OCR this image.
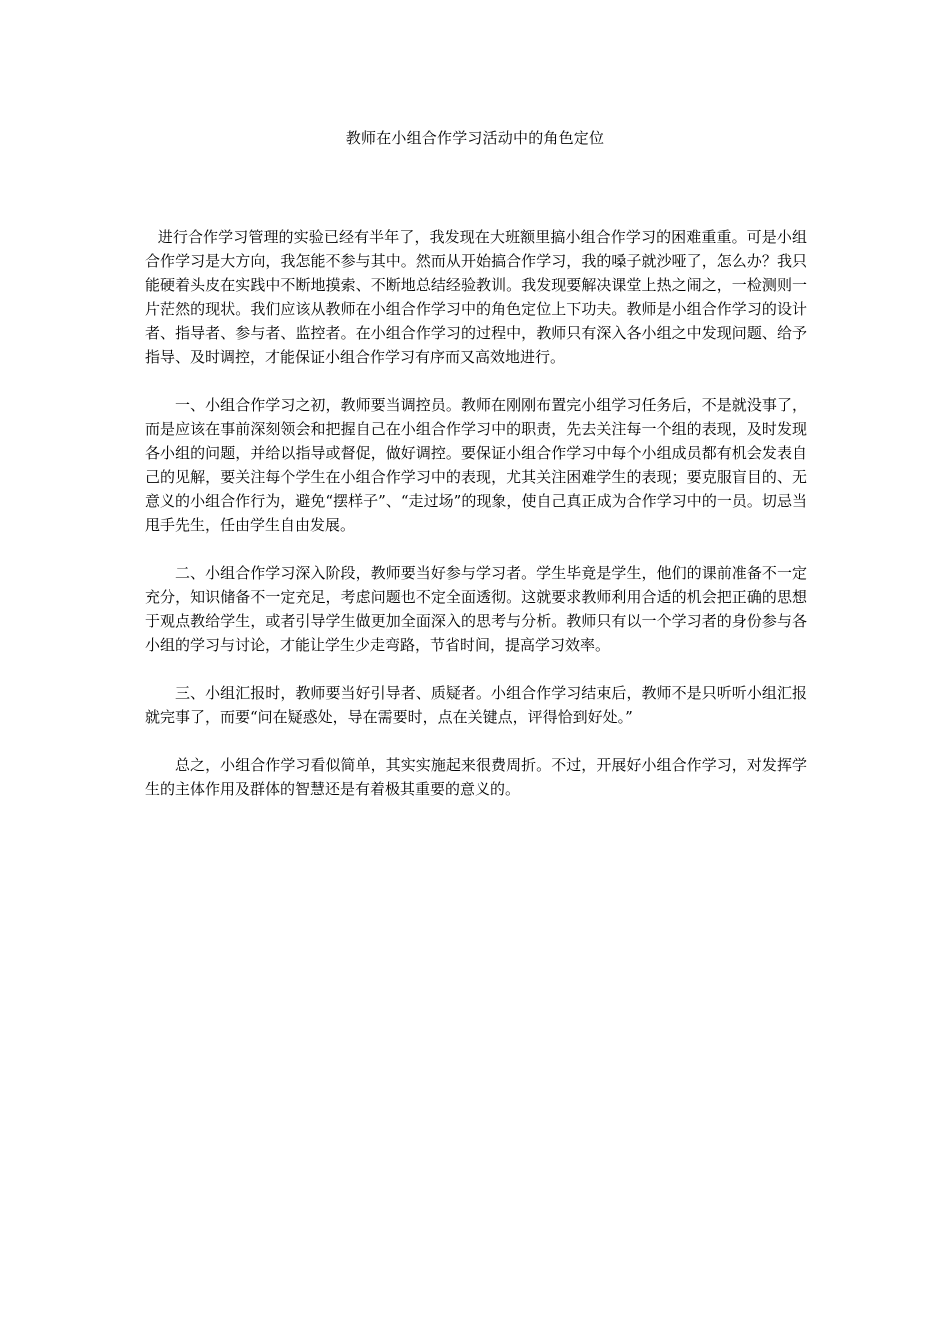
教师在小组合作学习活动中的角色定位

进行合作学习管理的实验已经有半年了，我发现在大班额里搞小组合作学习的困难重重。可是小组合作学习是大方向，我怎能不参与其中。然而从开始搞合作学习，我的嗓子就沙哑了，怎么办？我只能硬着头皮在实践中不断地摸索、不断地总结经验教训。我发现要解决课堂上热之闹之，一检测则一片茫然的现状。我们应该从教师在小组合作学习中的角色定位上下功夫。教师是小组合作学习的设计者、指导者、参与者、监控者。在小组合作学习的过程中，教师只有深入各小组之中发现问题、给予指导、及时调控，才能保证小组合作学习有序而又高效地进行。

一、小组合作学习之初，教师要当调控员。教师在刚刚布置完小组学习任务后，不是就没事了，而是应该在事前深刻领会和把握自己在小组合作学习中的职责，先去关注每一个组的表现，及时发现各小组的问题，并给以指导或督促，做好调控。要保证小组合作学习中每个小组成员都有机会发表自己的见解，要关注每个学生在小组合作学习中的表现，尤其关注困难学生的表现；要克服盲目的、无意义的小组合作行为，避免“摆样子”、“走过场”的现象，使自己真正成为合作学习中的一员。切忌当甩手先生，任由学生自由发展。

二、小组合作学习深入阶段，教师要当好参与学习者。学生毕竟是学生，他们的课前准备不一定充分，知识储备不一定充足，考虑问题也不定全面透彻。这就要求教师利用合适的机会把正确的思想于观点教给学生，或者引导学生做更加全面深入的思考与分析。教师只有以一个学习者的身份参与各小组的学习与讨论，才能让学生少走弯路，节省时间，提高学习效率。

三、小组汇报时，教师要当好引导者、质疑者。小组合作学习结束后，教师不是只听听小组汇报就完事了，而要“问在疑惑处，导在需要时，点在关键点，评得恰到好处。”

总之，小组合作学习看似简单，其实实施起来很费周折。不过，开展好小组合作学习，对发挥学生的主体作用及群体的智慧还是有着极其重要的意义的。
